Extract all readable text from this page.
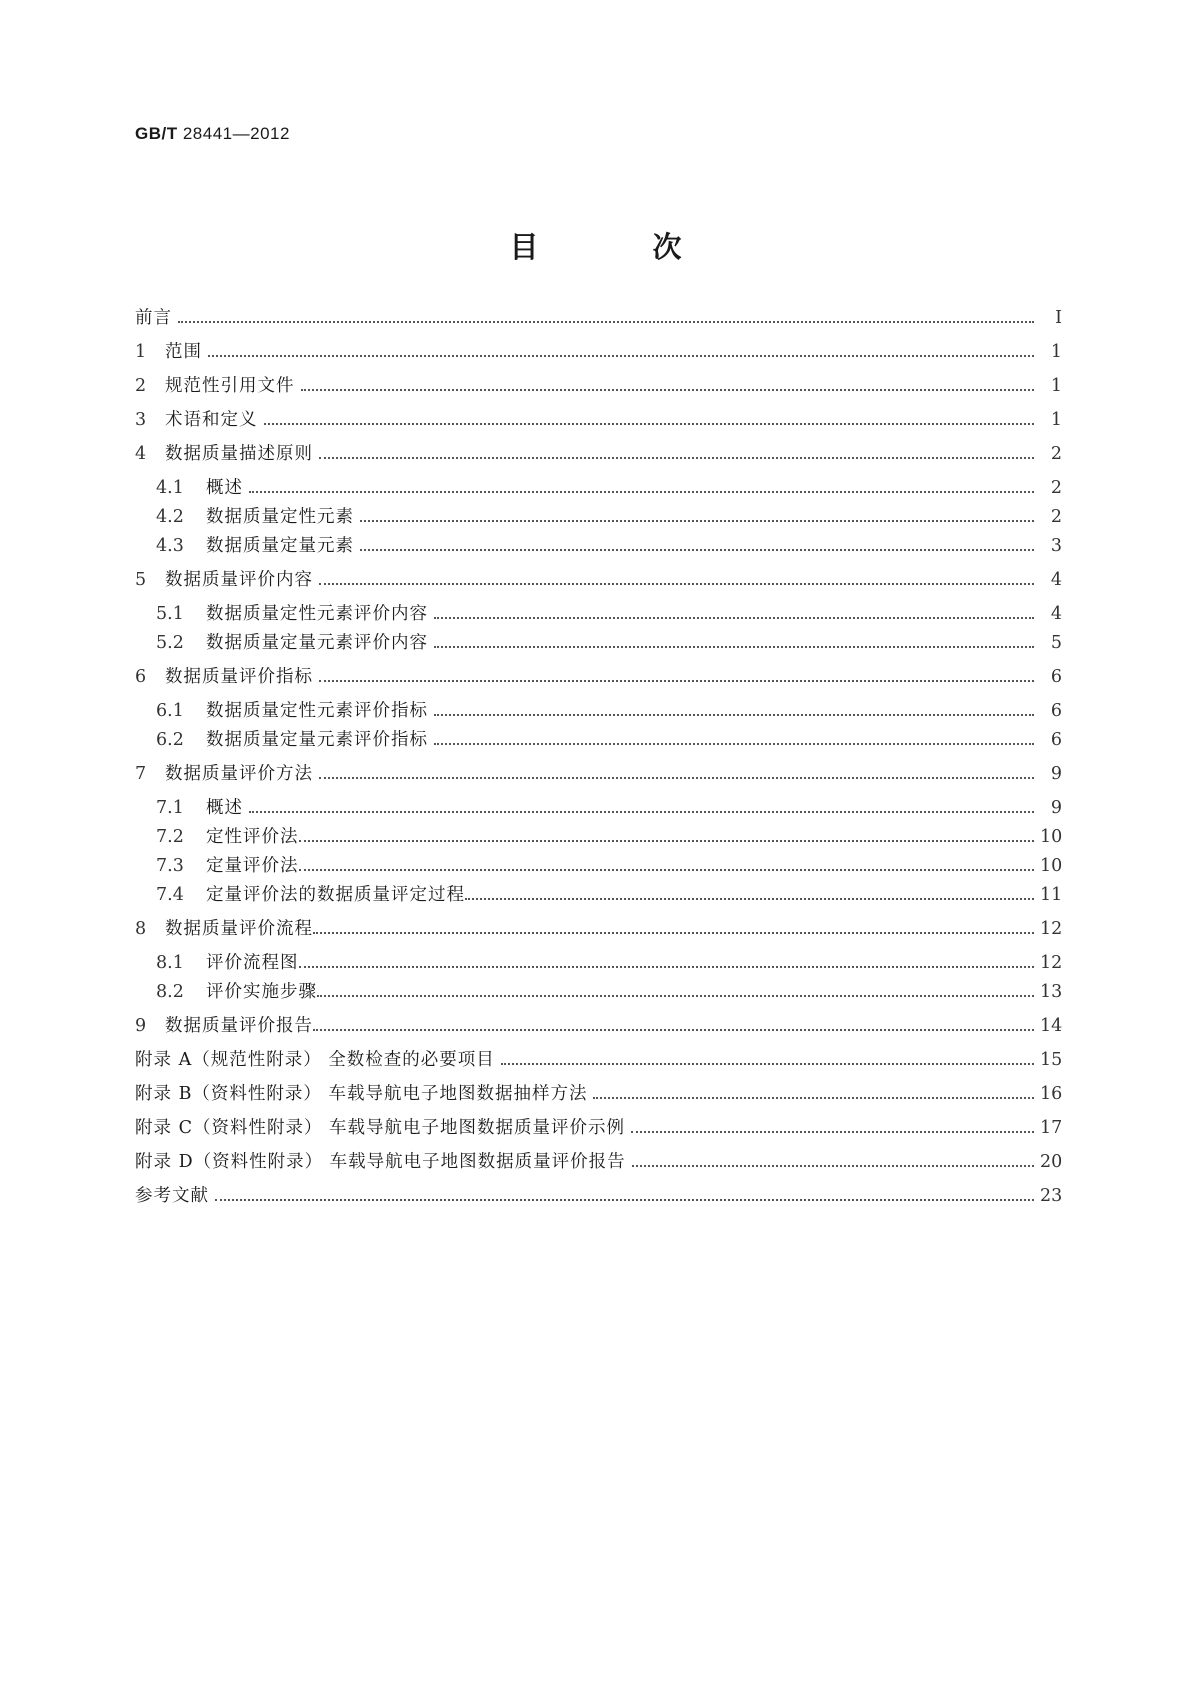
GB/T 28441—2012
目 次
前言	Ⅰ
1	范围	1
2	规范性引用文件	1
3	术语和定义	1
4	数据质量描述原则	2
4.1	概述	2
4.2	数据质量定性元素	2
4.3	数据质量定量元素	3
5	数据质量评价内容	4
5.1	数据质量定性元素评价内容	4
5.2	数据质量定量元素评价内容	5
6	数据质量评价指标	6
6.1	数据质量定性元素评价指标	6
6.2	数据质量定量元素评价指标	6
7	数据质量评价方法	9
7.1	概述	9
7.2	定性评价法	10
7.3	定量评价法	10
7.4	定量评价法的数据质量评定过程	11
8	数据质量评价流程	12
8.1	评价流程图	12
8.2	评价实施步骤	13
9	数据质量评价报告	14
附录 A（规范性附录） 全数检查的必要项目	15
附录 B（资料性附录） 车载导航电子地图数据抽样方法	16
附录 C（资料性附录） 车载导航电子地图数据质量评价示例	17
附录 D（资料性附录） 车载导航电子地图数据质量评价报告	20
参考文献	23
